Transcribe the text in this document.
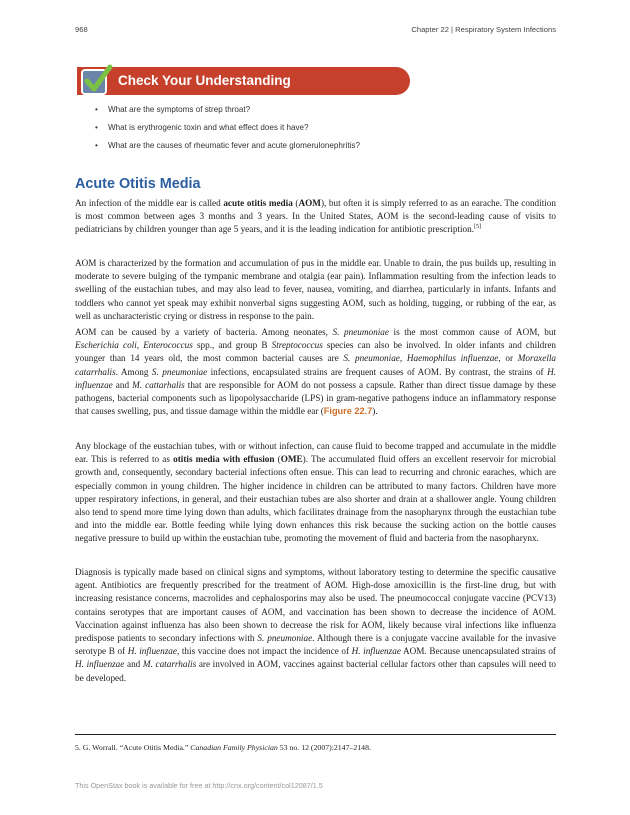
968	Chapter 22 | Respiratory System Infections
Check Your Understanding
• What are the symptoms of strep throat?
• What is erythrogenic toxin and what effect does it have?
• What are the causes of rheumatic fever and acute glomerulonephritis?
Acute Otitis Media

An infection of the middle ear is called acute otitis media (AOM), but often it is simply referred to as an earache. The condition is most common between ages 3 months and 3 years. In the United States, AOM is the second-leading cause of visits to pediatricians by children younger than age 5 years, and it is the leading indication for antibiotic prescription.[5]

AOM is characterized by the formation and accumulation of pus in the middle ear. Unable to drain, the pus builds up, resulting in moderate to severe bulging of the tympanic membrane and otalgia (ear pain). Inflammation resulting from the infection leads to swelling of the eustachian tubes, and may also lead to fever, nausea, vomiting, and diarrhea, particularly in infants. Infants and toddlers who cannot yet speak may exhibit nonverbal signs suggesting AOM, such as holding, tugging, or rubbing of the ear, as well as uncharacteristic crying or distress in response to the pain.

AOM can be caused by a variety of bacteria. Among neonates, S. pneumoniae is the most common cause of AOM, but Escherichia coli, Enterococcus spp., and group B Streptococcus species can also be involved. In older infants and children younger than 14 years old, the most common bacterial causes are S. pneumoniae, Haemophilus influenzae, or Moraxella catarrhalis. Among S. pneumoniae infections, encapsulated strains are frequent causes of AOM. By contrast, the strains of H. influenzae and M. cattarhalis that are responsible for AOM do not possess a capsule. Rather than direct tissue damage by these pathogens, bacterial components such as lipopolysaccharide (LPS) in gram-negative pathogens induce an inflammatory response that causes swelling, pus, and tissue damage within the middle ear (Figure 22.7).

Any blockage of the eustachian tubes, with or without infection, can cause fluid to become trapped and accumulate in the middle ear. This is referred to as otitis media with effusion (OME). The accumulated fluid offers an excellent reservoir for microbial growth and, consequently, secondary bacterial infections often ensue. This can lead to recurring and chronic earaches, which are especially common in young children. The higher incidence in children can be attributed to many factors. Children have more upper respiratory infections, in general, and their eustachian tubes are also shorter and drain at a shallower angle. Young children also tend to spend more time lying down than adults, which facilitates drainage from the nasopharynx through the eustachian tube and into the middle ear. Bottle feeding while lying down enhances this risk because the sucking action on the bottle causes negative pressure to build up within the eustachian tube, promoting the movement of fluid and bacteria from the nasopharynx.

Diagnosis is typically made based on clinical signs and symptoms, without laboratory testing to determine the specific causative agent. Antibiotics are frequently prescribed for the treatment of AOM. High-dose amoxicillin is the first-line drug, but with increasing resistance concerns, macrolides and cephalosporins may also be used. The pneumococcal conjugate vaccine (PCV13) contains serotypes that are important causes of AOM, and vaccination has been shown to decrease the incidence of AOM. Vaccination against influenza has also been shown to decrease the risk for AOM, likely because viral infections like influenza predispose patients to secondary infections with S. pneumoniae. Although there is a conjugate vaccine available for the invasive serotype B of H. influenzae, this vaccine does not impact the incidence of H. influenzae AOM. Because unencapsulated strains of H. influenzae and M. catarrhalis are involved in AOM, vaccines against bacterial cellular factors other than capsules will need to be developed.

5. G. Worrall. “Acute Otitis Media.” Canadian Family Physician 53 no. 12 (2007):2147–2148.
This OpenStax book is available for free at http://cnx.org/content/col12087/1.5
